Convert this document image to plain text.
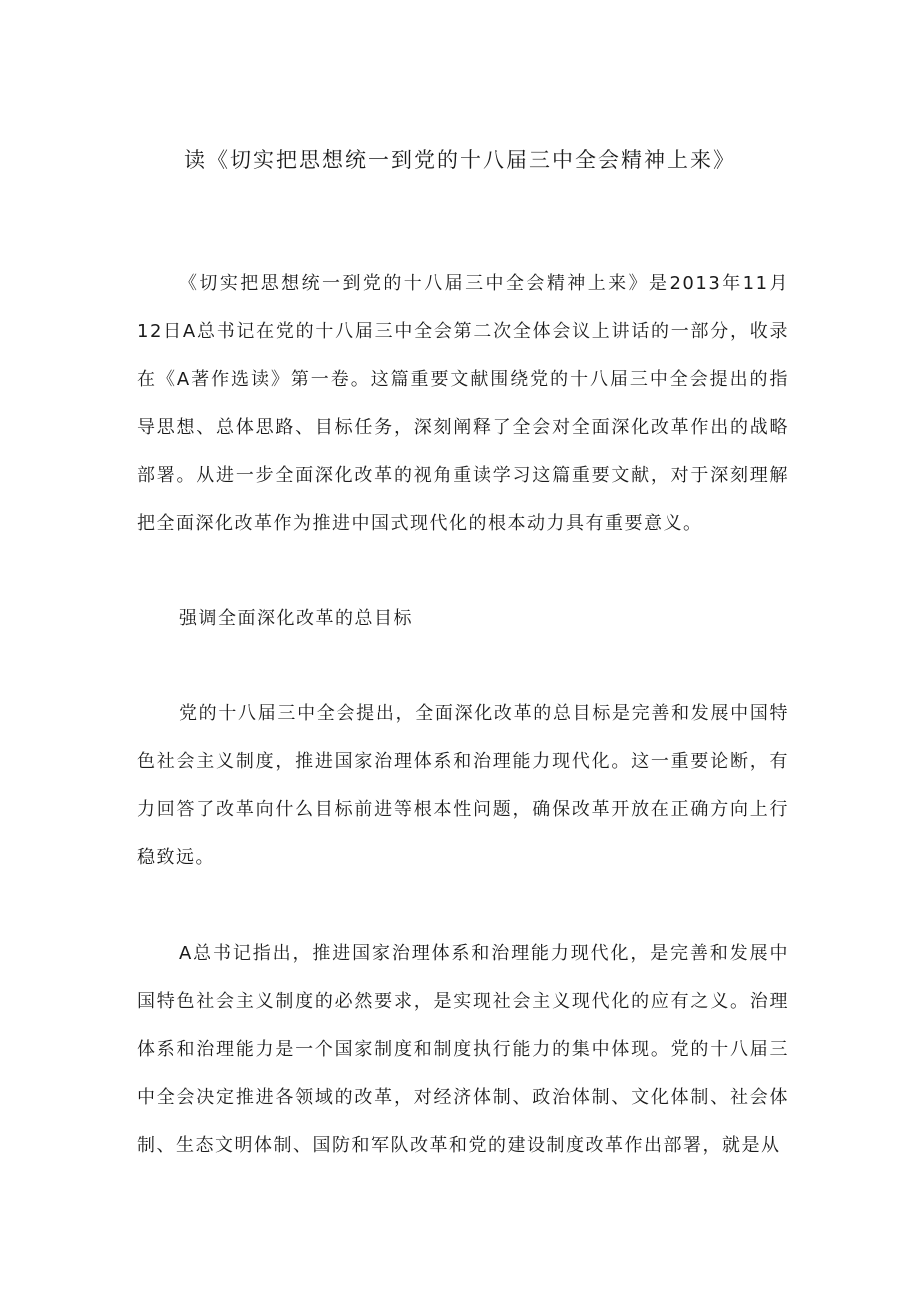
读《切实把思想统一到党的十八届三中全会精神上来》

《切实把思想统一到党的十八届三中全会精神上来》是2013年11月12日A总书记在党的十八届三中全会第二次全体会议上讲话的一部分，收录在《A著作选读》第一卷。这篇重要文献围绕党的十八届三中全会提出的指导思想、总体思路、目标任务，深刻阐释了全会对全面深化改革作出的战略部署。从进一步全面深化改革的视角重读学习这篇重要文献，对于深刻理解把全面深化改革作为推进中国式现代化的根本动力具有重要意义。

强调全面深化改革的总目标

党的十八届三中全会提出，全面深化改革的总目标是完善和发展中国特色社会主义制度，推进国家治理体系和治理能力现代化。这一重要论断，有力回答了改革向什么目标前进等根本性问题，确保改革开放在正确方向上行稳致远。

A总书记指出，推进国家治理体系和治理能力现代化，是完善和发展中国特色社会主义制度的必然要求，是实现社会主义现代化的应有之义。治理体系和治理能力是一个国家制度和制度执行能力的集中体现。党的十八届三中全会决定推进各领域的改革，对经济体制、政治体制、文化体制、社会体制、生态文明体制、国防和军队改革和党的建设制度改革作出部署，就是从
